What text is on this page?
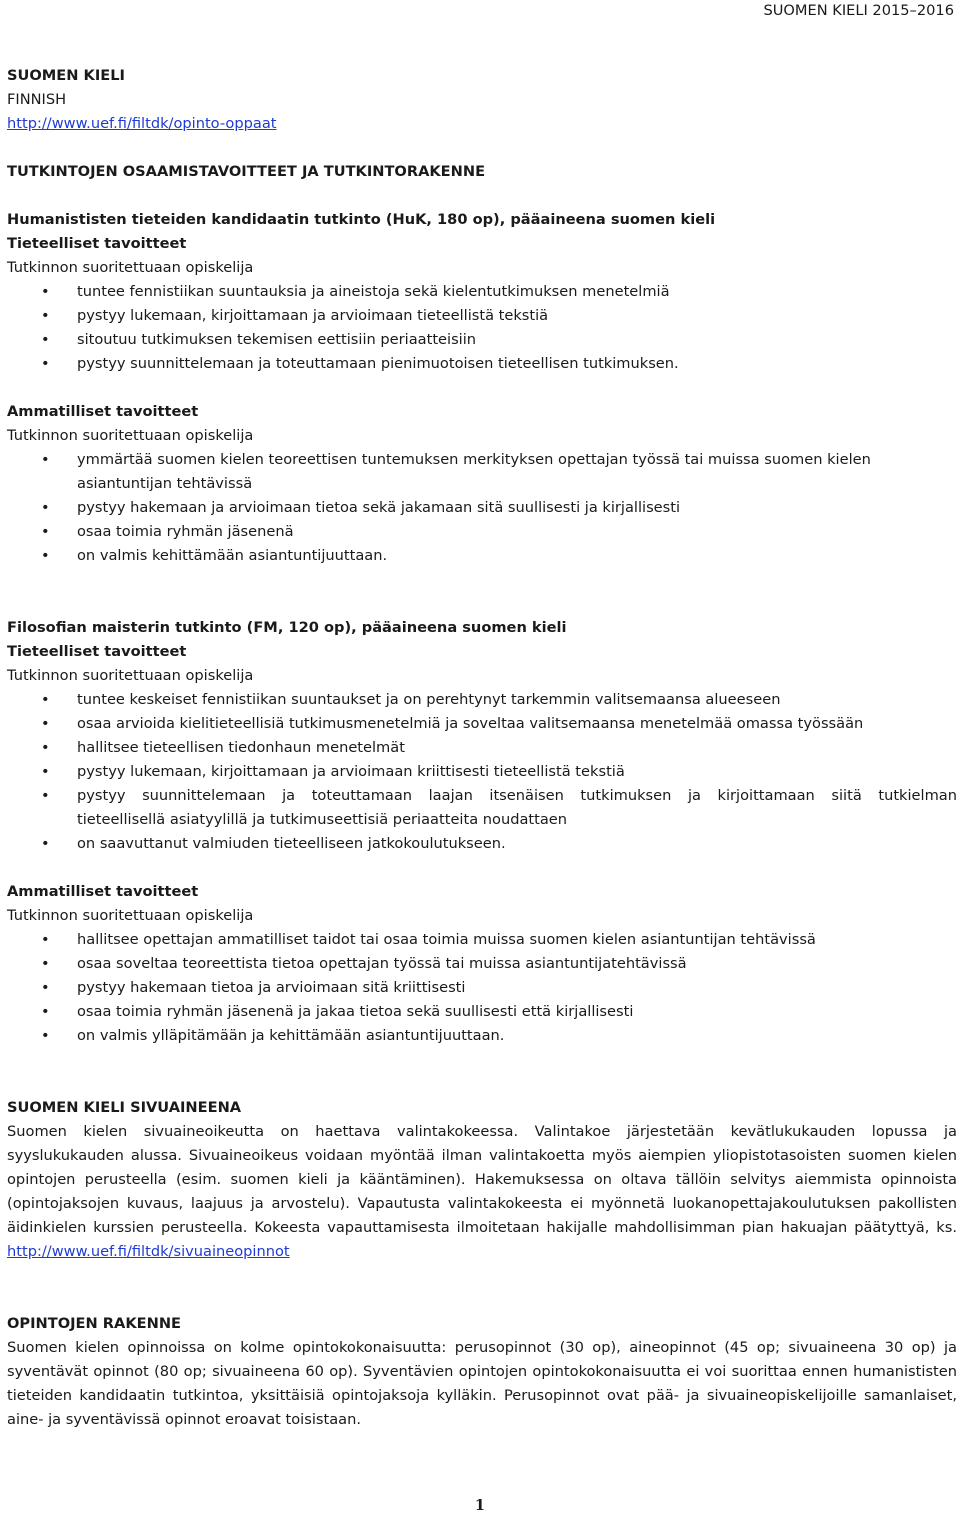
SUOMEN KIELI 2015–2016
SUOMEN KIELI
FINNISH
http://www.uef.fi/filtdk/opinto-oppaat
TUTKINTOJEN OSAAMISTAVOITTEET JA TUTKINTORAKENNE
Humanististen tieteiden kandidaatin tutkinto (HuK, 180 op), pääaineena suomen kieli
Tieteelliset tavoitteet
Tutkinnon suoritettuaan opiskelija
• tuntee fennistiikan suuntauksia ja aineistoja sekä kielentutkimuksen menetelmiä
• pystyy lukemaan, kirjoittamaan ja arvioimaan tieteellistä tekstiä
• sitoutuu tutkimuksen tekemisen eettisiin periaatteisiin
• pystyy suunnittelemaan ja toteuttamaan pienimuotoisen tieteellisen tutkimuksen.
Ammatilliset tavoitteet
Tutkinnon suoritettuaan opiskelija
• ymmärtää suomen kielen teoreettisen tuntemuksen merkityksen opettajan työssä tai muissa suomen kielen
asiantuntijan tehtävissä
• pystyy hakemaan ja arvioimaan tietoa sekä jakamaan sitä suullisesti ja kirjallisesti
• osaa toimia ryhmän jäsenenä
• on valmis kehittämään asiantuntijuuttaan.
Filosofian maisterin tutkinto (FM, 120 op), pääaineena suomen kieli
Tieteelliset tavoitteet
Tutkinnon suoritettuaan opiskelija
• tuntee keskeiset fennistiikan suuntaukset ja on perehtynyt tarkemmin valitsemaansa alueeseen
• osaa arvioida kielitieteellisiä tutkimusmenetelmiä ja soveltaa valitsemaansa menetelmää omassa työssään
• hallitsee tieteellisen tiedonhaun menetelmät
• pystyy lukemaan, kirjoittamaan ja arvioimaan kriittisesti tieteellistä tekstiä
• pystyy suunnittelemaan ja toteuttamaan laajan itsenäisen tutkimuksen ja kirjoittamaan siitä tutkielman
tieteellisellä asiatyylillä ja tutkimuseettisiä periaatteita noudattaen
• on saavuttanut valmiuden tieteelliseen jatkokoulutukseen.
Ammatilliset tavoitteet
Tutkinnon suoritettuaan opiskelija
• hallitsee opettajan ammatilliset taidot tai osaa toimia muissa suomen kielen asiantuntijan tehtävissä
• osaa soveltaa teoreettista tietoa opettajan työssä tai muissa asiantuntijatehtävissä
• pystyy hakemaan tietoa ja arvioimaan sitä kriittisesti
• osaa toimia ryhmän jäsenenä ja jakaa tietoa sekä suullisesti että kirjallisesti
• on valmis ylläpitämään ja kehittämään asiantuntijuuttaan.
SUOMEN KIELI SIVUAINEENA
Suomen kielen sivuaineoikeutta on haettava valintakokeessa. Valintakoe järjestetään kevätlukukauden lopussa ja syyslukukauden alussa. Sivuaineoikeus voidaan myöntää ilman valintakoetta myös aiempien yliopistotasoisten suomen kielen opintojen perusteella (esim. suomen kieli ja kääntäminen). Hakemuksessa on oltava tällöin selvitys aiemmista opinnoista (opintojaksojen kuvaus, laajuus ja arvostelu). Vapautusta valintakokeesta ei myönnetä luokanopettajakoulutuksen pakollisten äidinkielen kurssien perusteella. Kokeesta vapauttamisesta ilmoitetaan hakijalle mahdollisimman pian hakuajan päätyttyä, ks. http://www.uef.fi/filtdk/sivuaineopinnot
OPINTOJEN RAKENNE
Suomen kielen opinnoissa on kolme opintokokonaisuutta: perusopinnot (30 op), aineopinnot (45 op; sivuaineena 30 op) ja syventävät opinnot (80 op; sivuaineena 60 op). Syventävien opintojen opintokokonaisuutta ei voi suorittaa ennen humanististen tieteiden kandidaatin tutkintoa, yksittäisiä opintojaksoja kylläkin. Perusopinnot ovat pää- ja sivuaineopiskelijoille samanlaiset, aine- ja syventävissä opinnot eroavat toisistaan.
1
